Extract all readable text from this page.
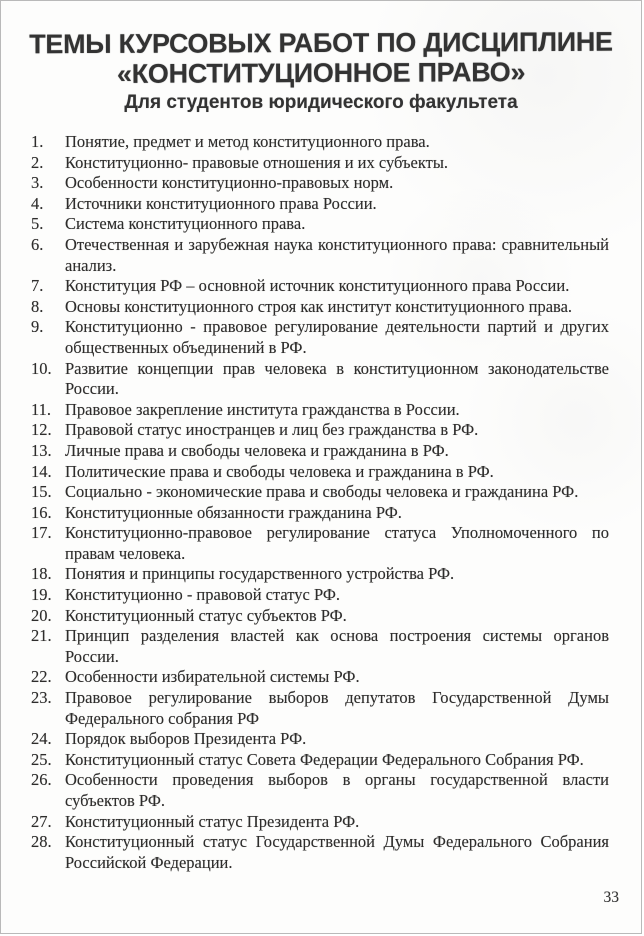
ТЕМЫ КУРСОВЫХ РАБОТ ПО ДИСЦИПЛИНЕ
«КОНСТИТУЦИОННОЕ ПРАВО»
Для студентов юридического факультета
1.	Понятие, предмет и метод конституционного права.
2.	Конституционно- правовые отношения и их субъекты.
3.	Особенности конституционно-правовых норм.
4.	Источники конституционного права России.
5.	Система конституционного права.
6.	Отечественная и зарубежная наука конституционного права: сравнительный анализ.
7.	Конституция РФ – основной источник конституционного права России.
8.	Основы конституционного строя как институт конституционного права.
9.	Конституционно - правовое регулирование деятельности партий и других общественных объединений в РФ.
10. Развитие концепции прав человека в конституционном законодательстве России.
11. Правовое закрепление института гражданства в России.
12. Правовой статус иностранцев и лиц без гражданства в РФ.
13. Личные права и свободы человека и гражданина в РФ.
14. Политические права и свободы человека и гражданина в РФ.
15. Социально - экономические права и свободы человека и гражданина РФ.
16. Конституционные обязанности гражданина РФ.
17. Конституционно-правовое регулирование статуса Уполномоченного по правам человека.
18. Понятия и принципы государственного устройства РФ.
19. Конституционно - правовой статус РФ.
20. Конституционный статус субъектов РФ.
21. Принцип разделения властей как основа построения системы органов России.
22. Особенности избирательной системы РФ.
23. Правовое регулирование выборов депутатов Государственной Думы Федерального собрания РФ
24. Порядок выборов Президента РФ.
25. Конституционный статус Совета Федерации Федерального Собрания РФ.
26. Особенности проведения выборов в органы государственной власти субъектов РФ.
27. Конституционный статус Президента РФ.
28. Конституционный статус Государственной Думы Федерального Собрания Российской Федерации.
33
